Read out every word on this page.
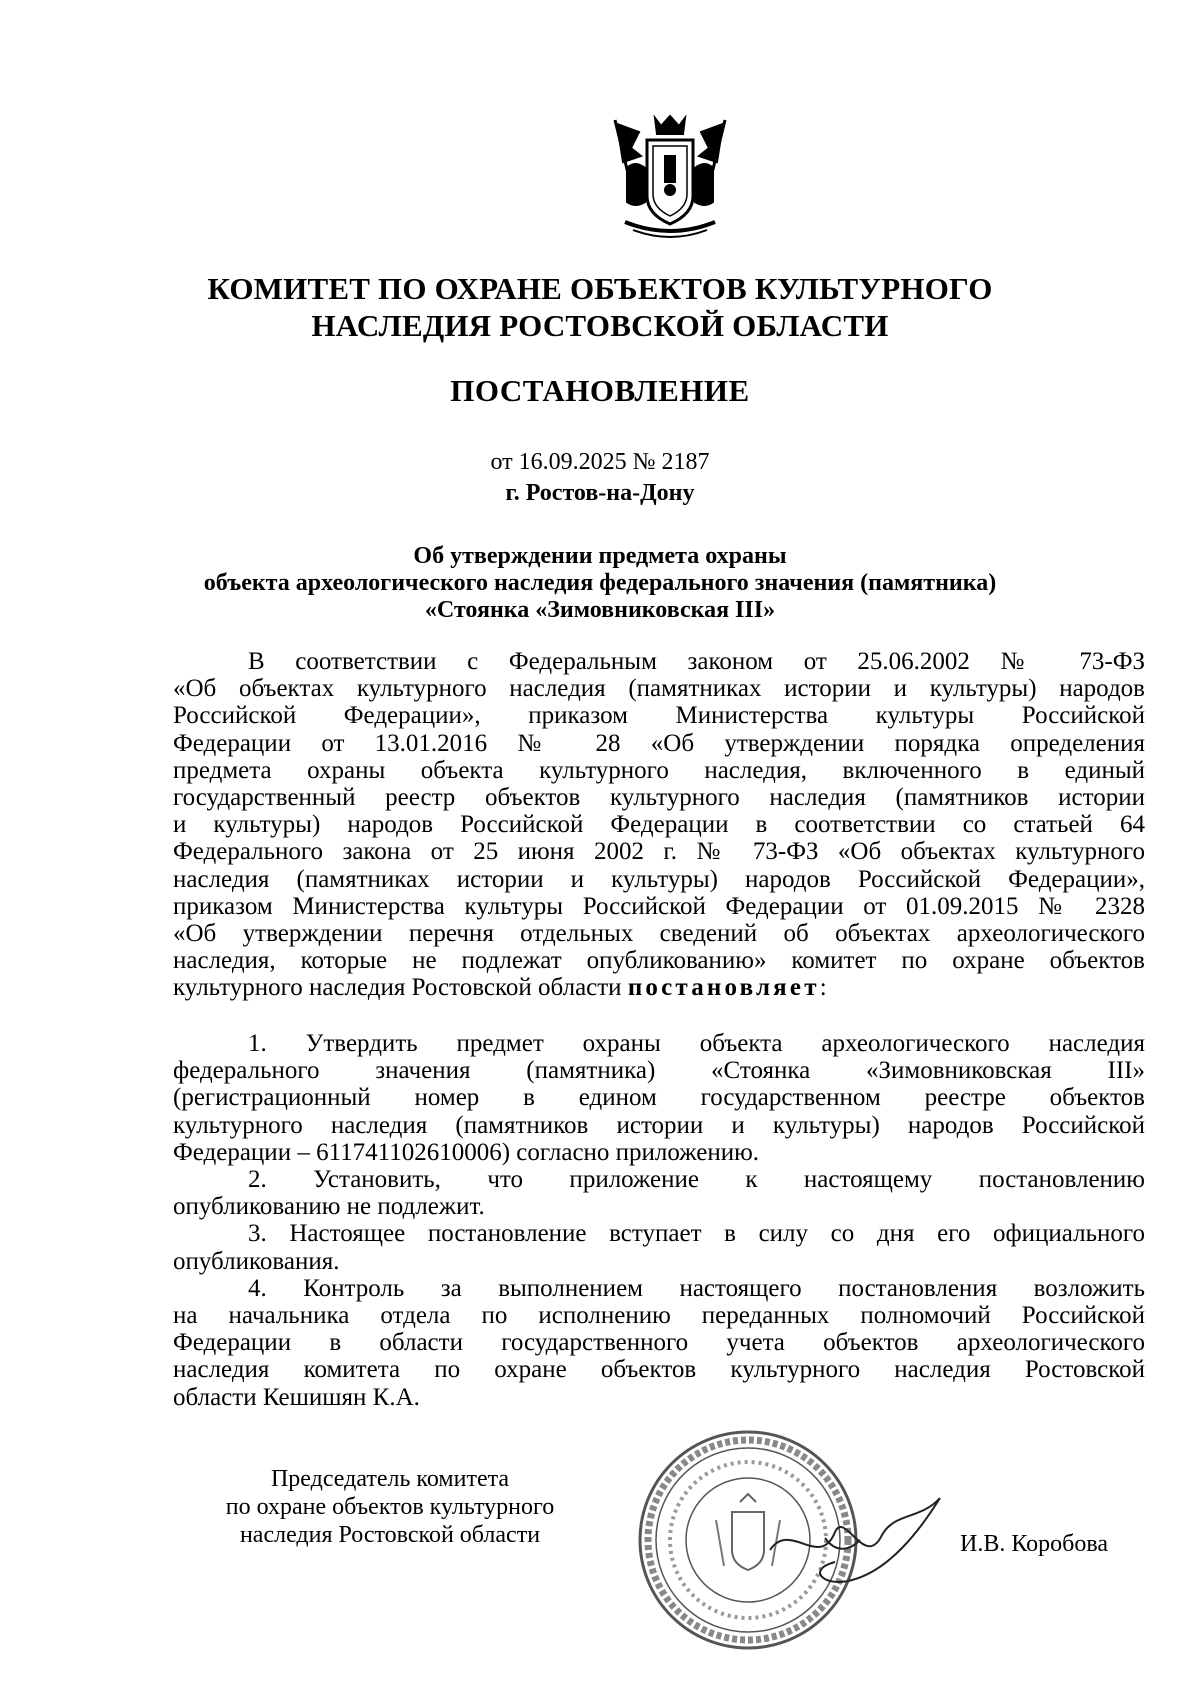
КОМИТЕТ ПО ОХРАНЕ ОБЪЕКТОВ КУЛЬТУРНОГО
НАСЛЕДИЯ РОСТОВСКОЙ ОБЛАСТИ
ПОСТАНОВЛЕНИЕ
от 16.09.2025 № 2187
г. Ростов-на-Дону
Об утверждении предмета охраны
объекта археологического наследия федерального значения (памятника)
«Стоянка «Зимовниковская III»
В соответствии с Федеральным законом от 25.06.2002 № 73-ФЗ
«Об объектах культурного наследия (памятниках истории и культуры) народов
Российской Федерации», приказом Министерства культуры Российской
Федерации от 13.01.2016 № 28 «Об утверждении порядка определения
предмета охраны объекта культурного наследия, включенного в единый
государственный реестр объектов культурного наследия (памятников истории
и культуры) народов Российской Федерации в соответствии со статьей 64
Федерального закона от 25 июня 2002 г. № 73-ФЗ «Об объектах культурного
наследия (памятниках истории и культуры) народов Российской Федерации»,
приказом Министерства культуры Российской Федерации от 01.09.2015 № 2328
«Об утверждении перечня отдельных сведений об объектах археологического
наследия, которые не подлежат опубликованию» комитет по охране объектов
культурного наследия Ростовской области постановляет:
1. Утвердить предмет охраны объекта археологического наследия
федерального значения (памятника) «Стоянка «Зимовниковская III»
(регистрационный номер в едином государственном реестре объектов
культурного наследия (памятников истории и культуры) народов Российской
Федерации – 611741102610006) согласно приложению.
2. Установить, что приложение к настоящему постановлению
опубликованию не подлежит.
3. Настоящее постановление вступает в силу со дня его официального
опубликования.
4. Контроль за выполнением настоящего постановления возложить
на начальника отдела по исполнению переданных полномочий Российской
Федерации в области государственного учета объектов археологического
наследия комитета по охране объектов культурного наследия Ростовской
области Кешишян К.А.
Председатель комитета
по охране объектов культурного
наследия Ростовской области	И.В. Коробова
